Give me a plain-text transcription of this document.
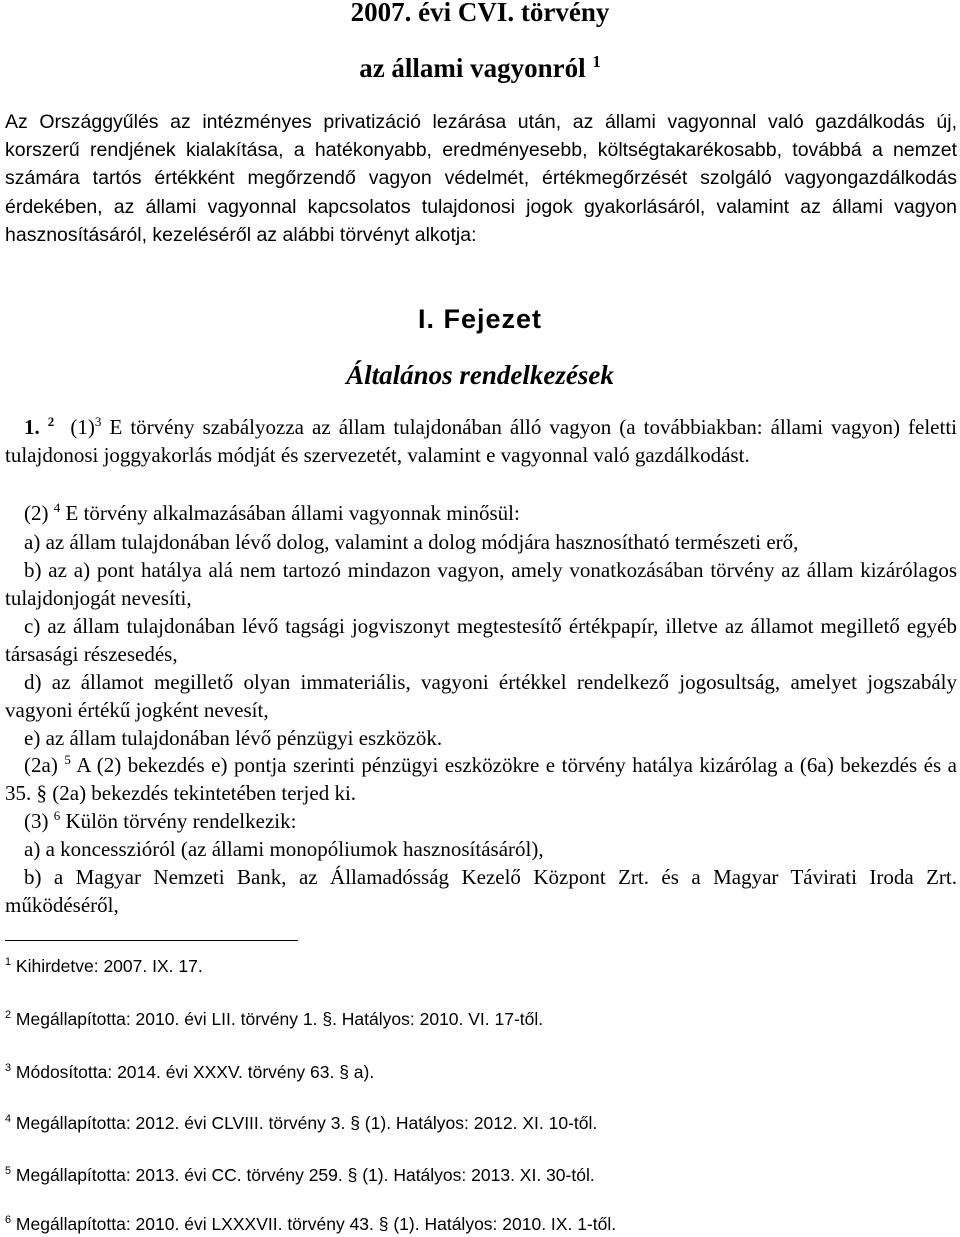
2007. évi CVI. törvény
az állami vagyonról $^1$
Az Országgyűlés az intézményes privatizáció lezárása után, az állami vagyonnal való gazdálkodás új, korszerű rendjének kialakítása, a hatékonyabb, eredményesebb, költségtakarékosabb, továbbá a nemzet számára tartós értékként megőrzendő vagyon védelmét, értékmegőrzését szolgáló vagyongazdálkodás érdekében, az állami vagyonnal kapcsolatos tulajdonosi jogok gyakorlásáról, valamint az állami vagyon hasznosításáról, kezeléséről az alábbi törvényt alkotja:
I. Fejezet
Általános rendelkezések
1. $^2$ $(1)^3$ E törvény szabályozza az állam tulajdonában álló vagyon (a továbbiakban: állami vagyon) feletti tulajdonosi joggyakorlás módját és szervezetét, valamint e vagyonnal való gazdálkodást.
(2) $^4$ E törvény alkalmazásában állami vagyonnak minősül:
a) az állam tulajdonában lévő dolog, valamint a dolog módjára hasznosítható természeti erő,
b) az a) pont hatálya alá nem tartozó mindazon vagyon, amely vonatkozásában törvény az állam kizárólagos tulajdonjogát nevesíti,
c) az állam tulajdonában lévő tagsági jogviszonyt megtestesítő értékpapír, illetve az államot megillető egyéb társasági részesedés,
d) az államot megillető olyan immateriális, vagyoni értékkel rendelkező jogosultság, amelyet jogszabály vagyoni értékű jogként nevesít,
e) az állam tulajdonában lévő pénzügyi eszközök.
(2a) $^5$ A (2) bekezdés e) pontja szerinti pénzügyi eszközökre e törvény hatálya kizárólag a (6a) bekezdés és a 35. § (2a) bekezdés tekintetében terjed ki.
(3) $^6$ Külön törvény rendelkezik:
a) a koncesszióról (az állami monopóliumok hasznosításáról),
b) a Magyar Nemzeti Bank, az Államadósság Kezelő Központ Zrt. és a Magyar Távirati Iroda Zrt. működéséről,
$^1$ Kihirdetve: 2007. IX. 17.
$^2$ Megállapította: 2010. évi LII. törvény 1. §. Hatályos: 2010. VI. 17-től.
$^3$ Módosította: 2014. évi XXXV. törvény 63. § a).
$^4$ Megállapította: 2012. évi CLVIII. törvény 3. § (1). Hatályos: 2012. XI. 10-től.
$^5$ Megállapította: 2013. évi CC. törvény 259. § (1). Hatályos: 2013. XI. 30-tól.
$^6$ Megállapította: 2010. évi LXXXVII. törvény 43. § (1). Hatályos: 2010. IX. 1-től.
